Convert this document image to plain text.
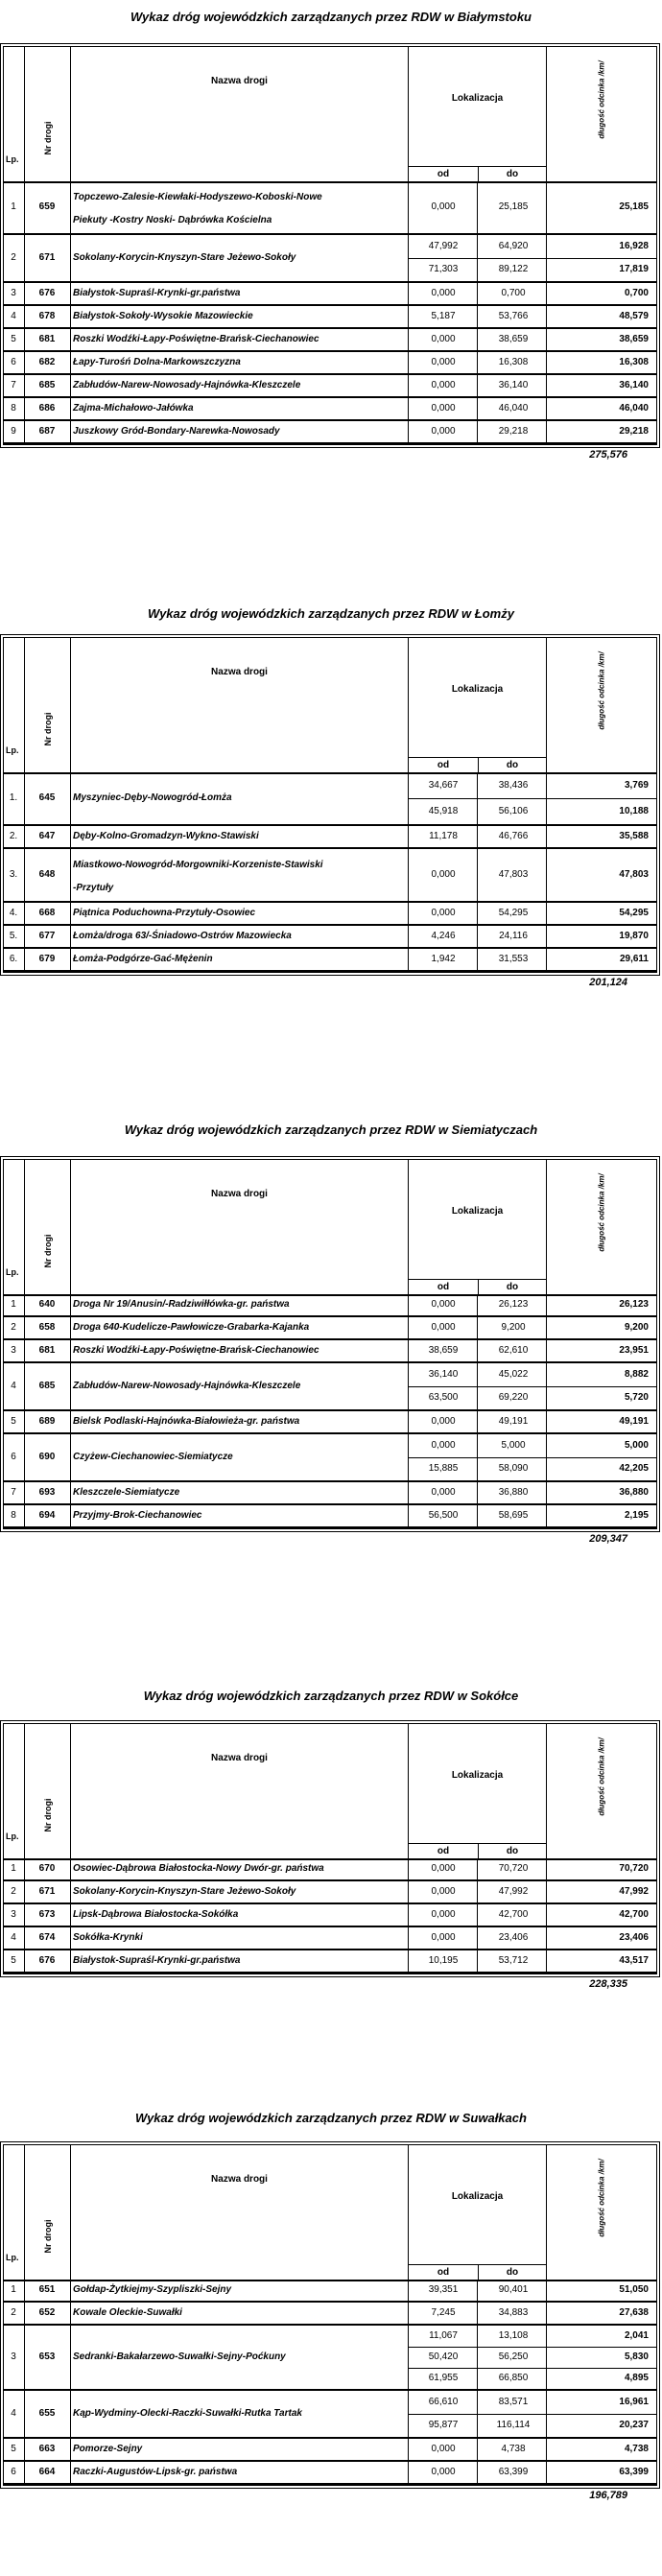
Wykaz dróg wojewódzkich zarządzanych przez RDW w Białymstoku
Lp.
Nr drogi
Nazwa drogi
Lokalizacja
od	do
długość odcinka /km/
1	659
Topczewo-Zalesie-Kiewłaki-Hodyszewo-Koboski-Nowe
Piekuty -Kostry Noski- Dąbrówka Kościelna
0,000	25,185	25,185
2	671	Sokolany-Korycin-Knyszyn-Stare Jeżewo-Sokoły
47,992	64,920	16,928
71,303	89,122	17,819
3	676	Białystok-Supraśl-Krynki-gr.państwa	0,000	0,700	0,700
4	678	Białystok-Sokoły-Wysokie Mazowieckie	5,187	53,766	48,579
5	681	Roszki Wodźki-Łapy-Poświętne-Brańsk-Ciechanowiec	0,000	38,659	38,659
6	682	Łapy-Turośń Dolna-Markowszczyzna	0,000	16,308	16,308
7	685	Zabłudów-Narew-Nowosady-Hajnówka-Kleszczele	0,000	36,140	36,140
8	686	Zajma-Michałowo-Jałówka	0,000	46,040	46,040
9	687	Juszkowy Gród-Bondary-Narewka-Nowosady	0,000	29,218	29,218
275,576
Wykaz dróg wojewódzkich zarządzanych przez RDW w Łomży
Lp.
Nr drogi
Nazwa drogi
Lokalizacja
od	do
długość odcinka /km/
1.	645	Myszyniec-Dęby-Nowogród-Łomża
34,667	38,436	3,769
45,918	56,106	10,188
2.	647	Dęby-Kolno-Gromadzyn-Wykno-Stawiski	11,178	46,766	35,588
3.	648
Miastkowo-Nowogród-Morgowniki-Korzeniste-Stawiski
-Przytuły
0,000	47,803	47,803
4.	668	Piątnica Poduchowna-Przytuły-Osowiec	0,000	54,295	54,295
5.	677	Łomża/droga 63/-Śniadowo-Ostrów Mazowiecka	4,246	24,116	19,870
6.	679	Łomża-Podgórze-Gać-Mężenin	1,942	31,553	29,611
201,124
Wykaz dróg wojewódzkich zarządzanych przez RDW w Siemiatyczach
Lp.
Nr drogi
Nazwa drogi
Lokalizacja
od	do
długość odcinka /km/
1	640	Droga Nr 19/Anusin/-Radziwiłłówka-gr. państwa	0,000	26,123	26,123
2	658	Droga 640-Kudelicze-Pawłowicze-Grabarka-Kajanka	0,000	9,200	9,200
3	681	Roszki Wodźki-Łapy-Poświętne-Brańsk-Ciechanowiec	38,659	62,610	23,951
4	685	Zabłudów-Narew-Nowosady-Hajnówka-Kleszczele
36,140	45,022	8,882
63,500	69,220	5,720
5	689	Bielsk Podlaski-Hajnówka-Białowieża-gr. państwa	0,000	49,191	49,191
6	690	Czyżew-Ciechanowiec-Siemiatycze
0,000	5,000	5,000
15,885	58,090	42,205
7	693	Kleszczele-Siemiatycze	0,000	36,880	36,880
8	694	Przyjmy-Brok-Ciechanowiec	56,500	58,695	2,195
209,347
Wykaz dróg wojewódzkich zarządzanych przez RDW w Sokółce
Lp.
Nr drogi
Nazwa drogi
Lokalizacja
od	do
długość odcinka /km/
1	670	Osowiec-Dąbrowa Białostocka-Nowy Dwór-gr. państwa	0,000	70,720	70,720
2	671	Sokolany-Korycin-Knyszyn-Stare Jeżewo-Sokoły	0,000	47,992	47,992
3	673	Lipsk-Dąbrowa Białostocka-Sokółka	0,000	42,700	42,700
4	674	Sokółka-Krynki	0,000	23,406	23,406
5	676	Białystok-Supraśl-Krynki-gr.państwa	10,195	53,712	43,517
228,335
Wykaz dróg wojewódzkich zarządzanych przez RDW w Suwałkach
Lp.
Nr drogi
Nazwa drogi
Lokalizacja
od	do
długość odcinka /km/
1	651	Gołdap-Żytkiejmy-Szypliszki-Sejny	39,351	90,401	51,050
2	652	Kowale Oleckie-Suwałki	7,245	34,883	27,638
3	653	Sedranki-Bakałarzewo-Suwałki-Sejny-Poćkuny
11,067	13,108	2,041
50,420	56,250	5,830
61,955	66,850	4,895
4	655	Kąp-Wydminy-Olecki-Raczki-Suwałki-Rutka Tartak
66,610	83,571	16,961
95,877	116,114	20,237
5	663	Pomorze-Sejny	0,000	4,738	4,738
6	664	Raczki-Augustów-Lipsk-gr. państwa	0,000	63,399	63,399
196,789
